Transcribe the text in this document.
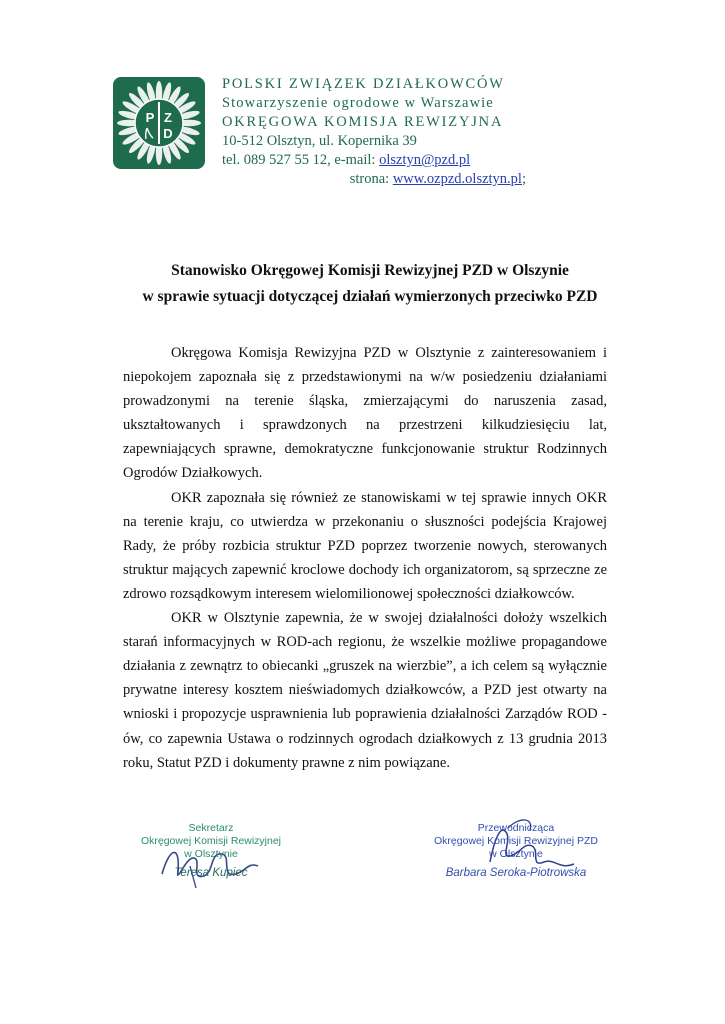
P Z
D
POLSKI ZWIĄZEK DZIAŁKOWCÓW
Stowarzyszenie ogrodowe w Warszawie
OKRĘGOWA KOMISJA REWIZYJNA
10-512 Olsztyn, ul. Kopernika 39
tel. 089 527 55 12, e-mail: olsztyn@pzd.pl
strona: www.ozpzd.olsztyn.pl;
Stanowisko Okręgowej Komisji Rewizyjnej PZD w Olszynie
w sprawie sytuacji dotyczącej działań wymierzonych przeciwko PZD

Okręgowa Komisja Rewizyjna PZD w Olsztynie z zainteresowaniem i niepokojem zapoznała się z przedstawionymi na w/w posiedzeniu działaniami prowadzonymi na terenie śląska, zmierzającymi do naruszenia zasad, ukształtowanych i sprawdzonych na przestrzeni kilkudziesięciu lat, zapewniających sprawne, demokratyczne funkcjonowanie struktur Rodzinnych Ogrodów Działkowych.

OKR zapoznała się również ze stanowiskami w tej sprawie innych OKR na terenie kraju, co utwierdza w przekonaniu o słuszności podejścia Krajowej Rady, że próby rozbicia struktur PZD poprzez tworzenie nowych, sterowanych struktur mających zapewnić kroclowe dochody ich organizatorom, są sprzeczne ze zdrowo rozsądkowym interesem wielomilionowej społeczności działkowców.

OKR w Olsztynie zapewnia, że w swojej działalności dołoży wszelkich starań informacyjnych w ROD-ach regionu, że wszelkie możliwe propagandowe działania z zewnątrz to obiecanki „gruszek na wierzbie”, a ich celem są wyłącznie prywatne interesy kosztem nieświadomych działkowców, a PZD jest otwarty na wnioski i propozycje usprawnienia lub poprawienia działalności Zarządów ROD - ów, co zapewnia Ustawa o rodzinnych ogrodach działkowych z 13 grudnia 2013 roku, Statut PZD i dokumenty prawne z nim powiązane.

Sekretarz
Okręgowej Komisji Rewizyjnej
w Olsztynie
Teresa Kupiec
Przewodnicząca
Okręgowej Komisji Rewizyjnej PZD
w Olsztynie
Barbara Seroka-Piotrowska
